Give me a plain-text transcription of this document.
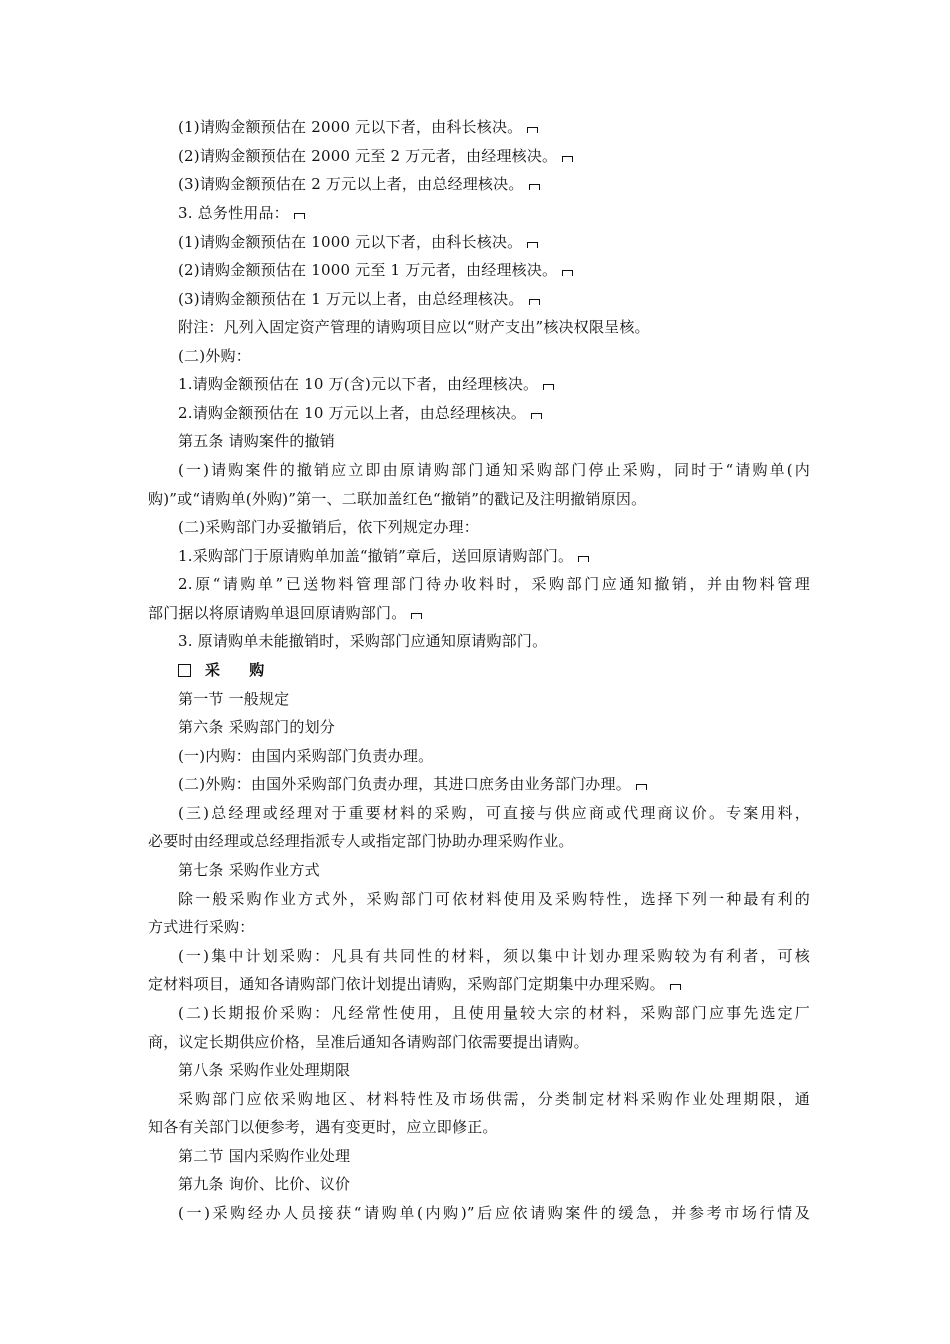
(1)请购金额预估在 2000 元以下者，由科长核决。
(2)请购金额预估在 2000 元至 2 万元者，由经理核决。
(3)请购金额预估在 2 万元以上者，由总经理核决。
3. 总务性用品：
(1)请购金额预估在 1000 元以下者，由科长核决。
(2)请购金额预估在 1000 元至 1 万元者，由经理核决。
(3)请购金额预估在 1 万元以上者，由总经理核决。
附注：凡列入固定资产管理的请购项目应以“财产支出”核决权限呈核。
(二)外购：
1.请购金额预估在 10 万(含)元以下者，由经理核决。
2.请购金额预估在 10 万元以上者，由总经理核决。
第五条 请购案件的撤销
(一)请购案件的撤销应立即由原请购部门通知采购部门停止采购，同时于“请购单(内
购)”或“请购单(外购)”第一、二联加盖红色“撤销”的戳记及注明撤销原因。
(二)采购部门办妥撤销后，依下列规定办理：
1.采购部门于原请购单加盖“撤销”章后，送回原请购部门。
2.原“请购单”已送物料管理部门待办收料时，采购部门应通知撤销，并由物料管理
部门据以将原请购单退回原请购部门。
3. 原请购单未能撤销时，采购部门应通知原请购部门。
采 购
第一节 一般规定
第六条 采购部门的划分
(一)内购：由国内采购部门负责办理。
(二)外购：由国外采购部门负责办理，其进口庶务由业务部门办理。
(三)总经理或经理对于重要材料的采购，可直接与供应商或代理商议价。专案用料，
必要时由经理或总经理指派专人或指定部门协助办理采购作业。
第七条 采购作业方式
除一般采购作业方式外，采购部门可依材料使用及采购特性，选择下列一种最有利的
方式进行采购：
(一)集中计划采购：凡具有共同性的材料，须以集中计划办理采购较为有利者，可核
定材料项目，通知各请购部门依计划提出请购，采购部门定期集中办理采购。
(二)长期报价采购：凡经常性使用，且使用量较大宗的材料，采购部门应事先选定厂
商，议定长期供应价格，呈准后通知各请购部门依需要提出请购。
第八条 采购作业处理期限
采购部门应依采购地区、材料特性及市场供需，分类制定材料采购作业处理期限，通
知各有关部门以便参考，遇有变更时，应立即修正。
第二节 国内采购作业处理
第九条 询价、比价、议价
(一)采购经办人员接获“请购单(内购)”后应依请购案件的缓急，并参考市场行情及
